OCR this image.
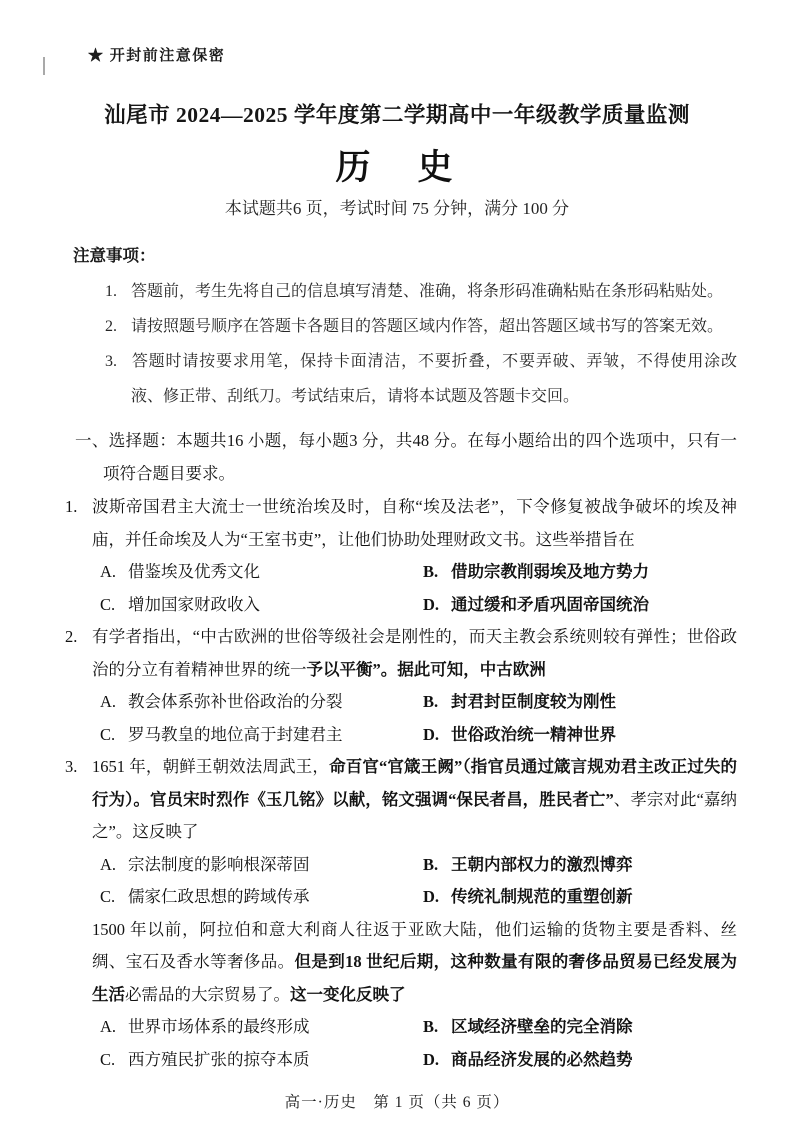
★ 开封前注意保密
汕尾市 2024—2025 学年度第二学期高中一年级教学质量监测
历　史
本试题共6 页，考试时间 75 分钟，满分 100 分
注意事项：
1. 答题前，考生先将自己的信息填写清楚、准确，将条形码准确粘贴在条形码粘贴处。
2. 请按照题号顺序在答题卡各题目的答题区域内作答，超出答题区域书写的答案无效。
3. 答题时请按要求用笔，保持卡面清洁，不要折叠，不要弄破、弄皱，不得使用涂改液、修正带、刮纸刀。考试结束后，请将本试题及答题卡交回。
一、选择题：本题共16 小题，每小题3 分，共48 分。在每小题给出的四个选项中，只有一项符合题目要求。
1. 波斯帝国君主大流士一世统治埃及时，自称“埃及法老”，下令修复被战争破坏的埃及神庙，并任命埃及人为“王室书吏”，让他们协助处理财政文书。这些举措旨在
A. 借鉴埃及优秀文化	B. 借助宗教削弱埃及地方势力
C. 增加国家财政收入	D. 通过缓和矛盾巩固帝国统治
2. 有学者指出，“中古欧洲的世俗等级社会是刚性的，而天主教会系统则较有弹性；世俗政治的分立有着精神世界的统一予以平衡”。据此可知，中古欧洲
A. 教会体系弥补世俗政治的分裂	B. 封君封臣制度较为刚性
C. 罗马教皇的地位高于封建君主	D. 世俗政治统一精神世界
3. 1651 年，朝鲜王朝效法周武王，命百官“官箴王阙”（指官员通过箴言规劝君主改正过失的行为）。官员宋时烈作《玉几铭》以献，铭文强调“保民者昌，胜民者亡”、孝宗对此“嘉纳之”。这反映了
A. 宗法制度的影响根深蒂固	B. 王朝内部权力的激烈博弈
C. 儒家仁政思想的跨域传承	D. 传统礼制规范的重塑创新
1500 年以前，阿拉伯和意大利商人往返于亚欧大陆，他们运输的货物主要是香料、丝绸、宝石及香水等奢侈品。但是到18 世纪后期，这种数量有限的奢侈品贸易已经发展为生活必需品的大宗贸易了。这一变化反映了
A. 世界市场体系的最终形成	B. 区域经济壁垒的完全消除
C. 西方殖民扩张的掠夺本质	D. 商品经济发展的必然趋势
高一·历史　第 1 页（共 6 页）
